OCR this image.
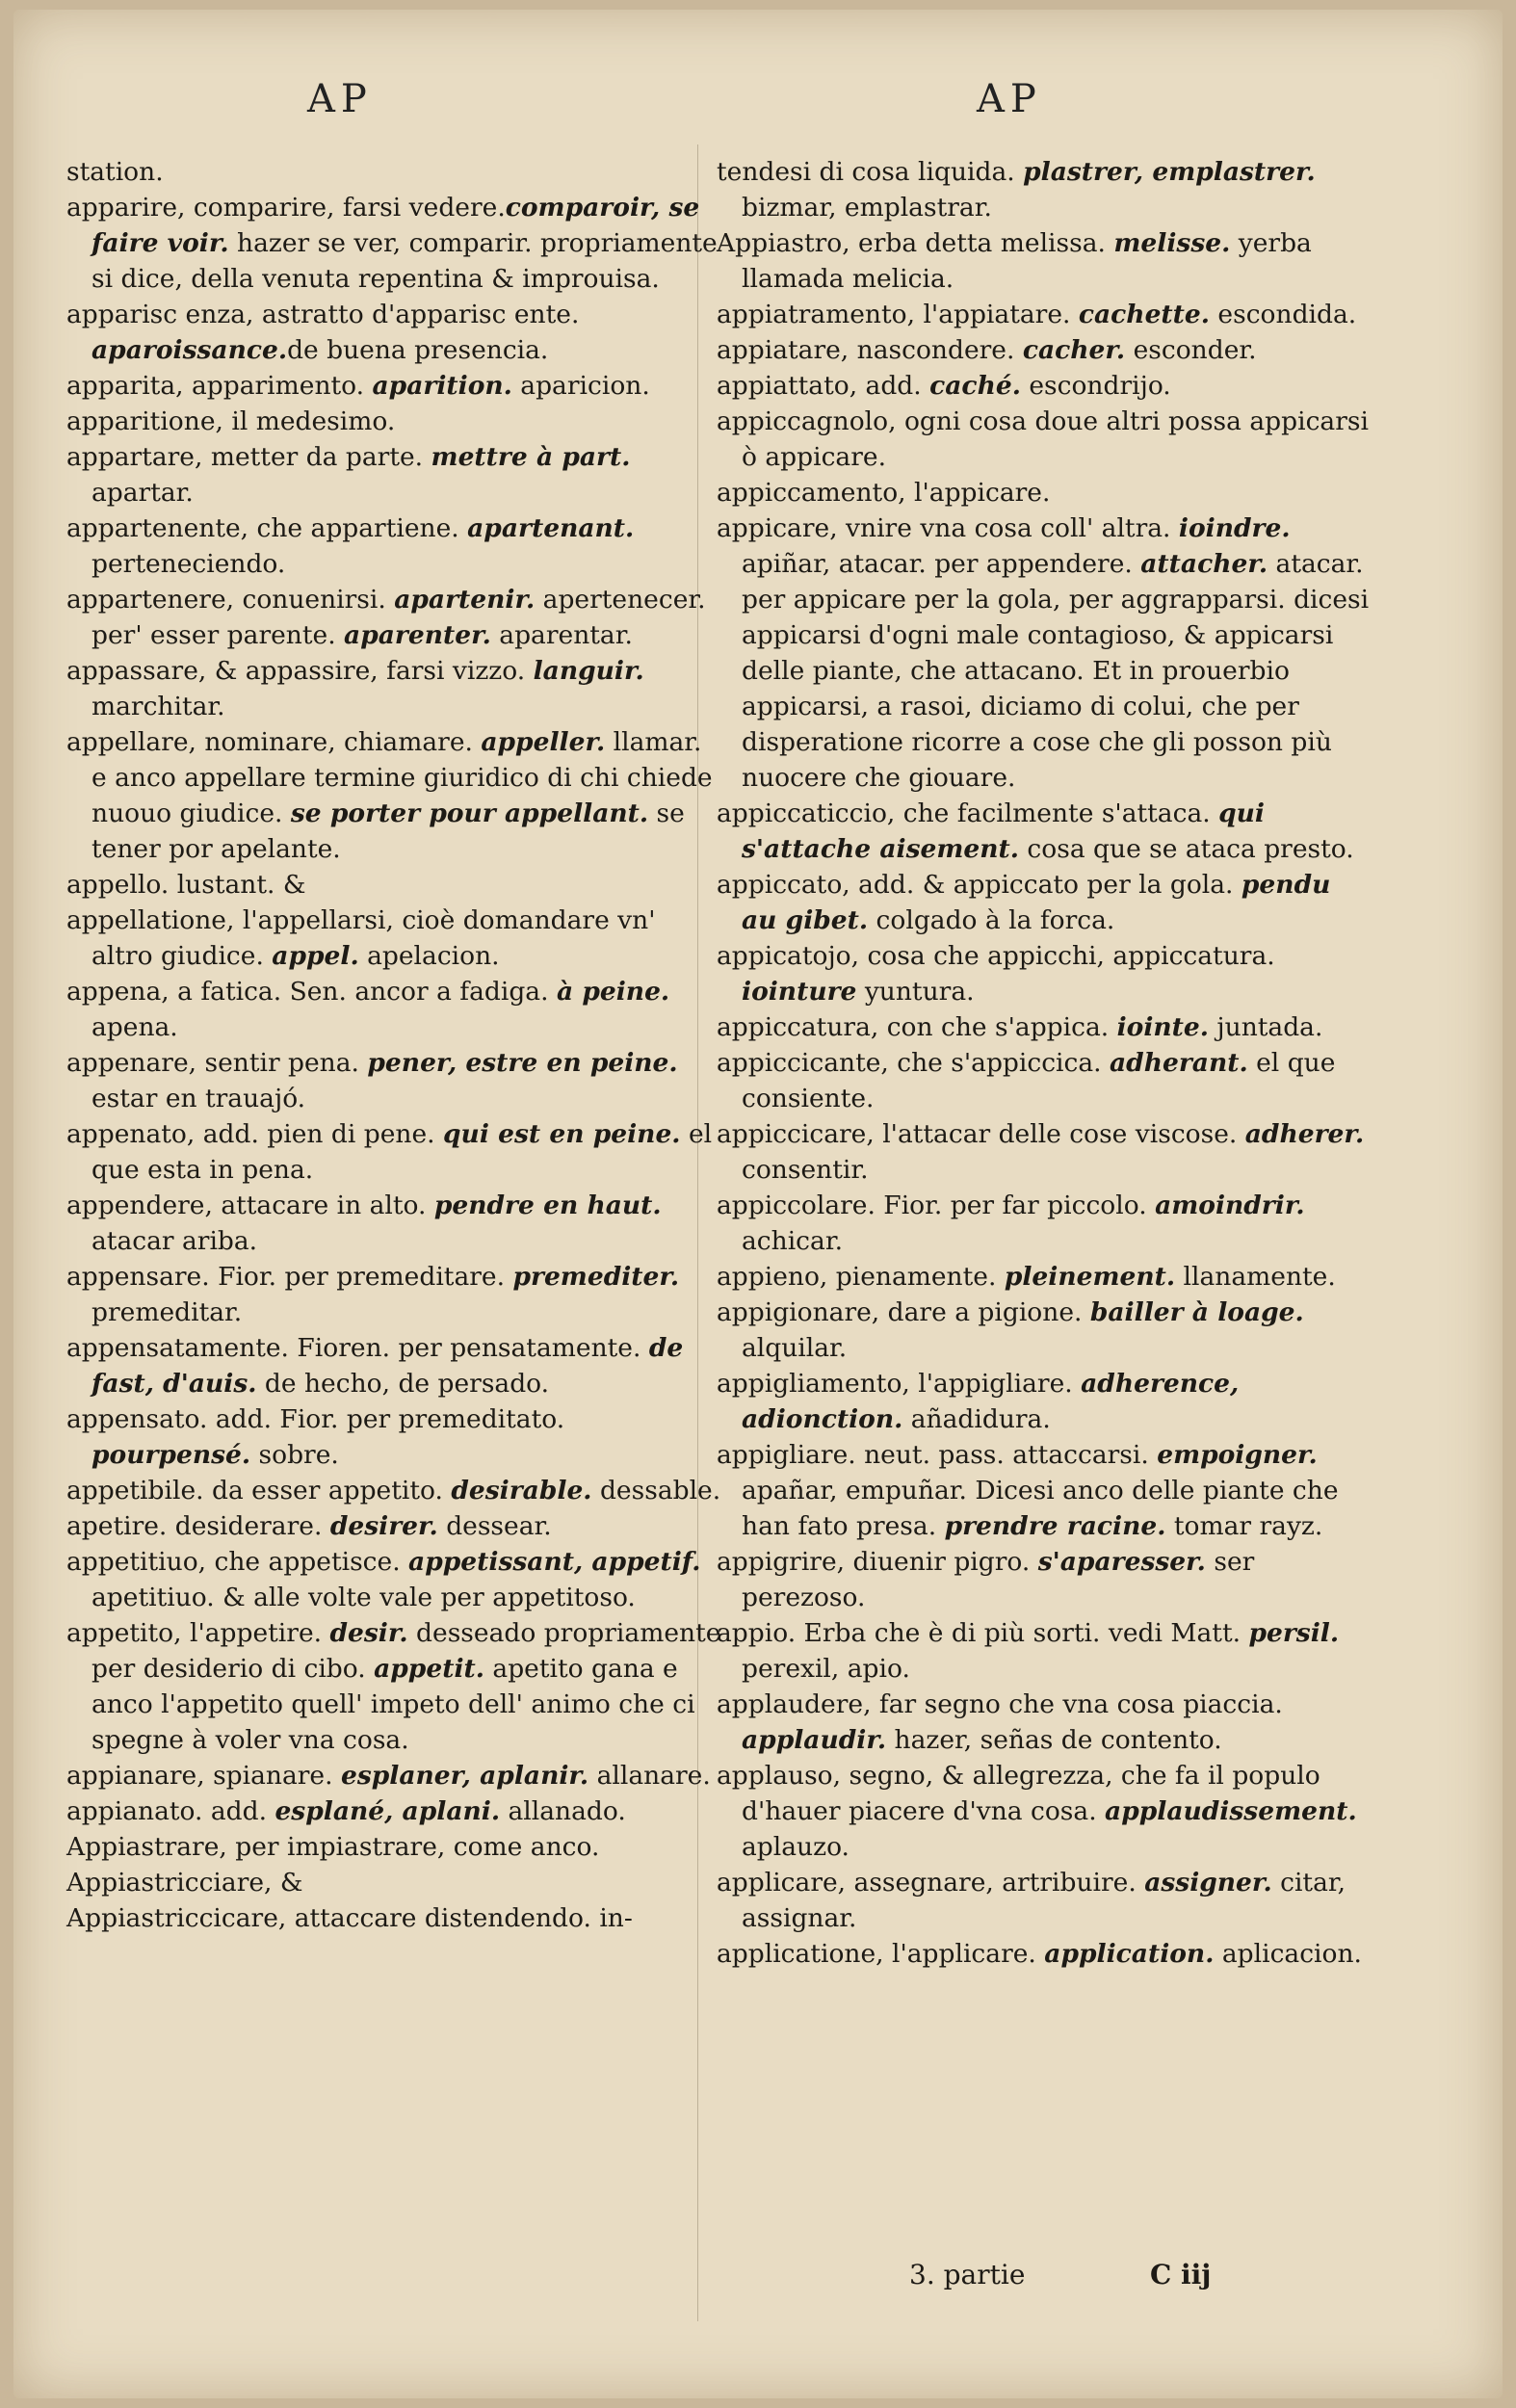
AP	AP

station.

apparire, comparire, farsi vedere.comparoir, se faire voir. hazer se ver, comparir. propriamente si dice, della venuta repentina & improuisa.

apparisc enza, astratto d'apparisc ente. aparoissance.de buena presencia.

apparita, apparimento. aparition. aparicion.

apparitione, il medesimo.

appartare, metter da parte. mettre à part. apartar.

appartenente, che appartiene. apartenant. perteneciendo.

appartenere, conuenirsi. apartenir. apertenecer. per' esser parente. aparenter. aparentar.

appassare, & appassire, farsi vizzo. languir. marchitar.

appellare, nominare, chiamare. appeller. llamar. e anco appellare termine giuridico di chi chiede nuouo giudice. se porter pour appellant. se tener por apelante.

appello. lustant. &

appellatione, l'appellarsi, cioè domandare vn' altro giudice. appel. apelacion.

appena, a fatica. Sen. ancor a fadiga. à peine. apena.

appenare, sentir pena. pener, estre en peine. estar en trauajó.

appenato, add. pien di pene. qui est en peine. el que esta in pena.

appendere, attacare in alto. pendre en haut. atacar ariba.

appensare. Fior. per premeditare. premediter. premeditar.

appensatamente. Fioren. per pensatamente. de fast, d'auis. de hecho, de persado.

appensato. add. Fior. per premeditato. pourpensé. sobre.

appetibile. da esser appetito. desirable. dessable.

apetire. desiderare. desirer. dessear.

appetitiuo, che appetisce. appetissant, appetif. apetitiuo. & alle volte vale per appetitoso.

appetito, l'appetire. desir. desseado propriamente per desiderio di cibo. appetit. apetito gana e anco l'appetito quell' impeto dell' animo che ci spegne à voler vna cosa.

appianare, spianare. esplaner, aplanir. allanare.

appianato. add. esplané, aplani. allanado.

Appiastrare, per impiastrare, come anco.

Appiastricciare, &

Appiastriccicare, attaccare distendendo. in-

tendesi di cosa liquida. plastrer, emplastrer. bizmar, emplastrar.

Appiastro, erba detta melissa. melisse. yerba llamada melicia.

appiatramento, l'appiatare. cachette. escondida.

appiatare, nascondere. cacher. esconder.

appiattato, add. caché. escondrijo.

appiccagnolo, ogni cosa doue altri possa appicarsi ò appicare.

appiccamento, l'appicare.

appicare, vnire vna cosa coll' altra. ioindre. apiñar, atacar. per appendere. attacher. atacar. per appicare per la gola, per aggrapparsi. dicesi appicarsi d'ogni male contagioso, & appicarsi delle piante, che attacano. Et in prouerbio appicarsi, a rasoi, diciamo di colui, che per disperatione ricorre a cose che gli posson più nuocere che giouare.

appiccaticcio, che facilmente s'attaca. qui s'attache aisement. cosa que se ataca presto.

appiccato, add. & appiccato per la gola. pendu au gibet. colgado à la forca.

appicatojo, cosa che appicchi, appiccatura. iointure yuntura.

appiccatura, con che s'appica. iointe. juntada.

appiccicante, che s'appiccica. adherant. el que consiente.

appiccicare, l'attacar delle cose viscose. adherer. consentir.

appiccolare. Fior. per far piccolo. amoindrir. achicar.

appieno, pienamente. pleinement. llanamente.

appigionare, dare a pigione. bailler à loage. alquilar.

appigliamento, l'appigliare. adherence, adionction. añadidura.

appigliare. neut. pass. attaccarsi. empoigner. apañar, empuñar. Dicesi anco delle piante che han fato presa. prendre racine. tomar rayz.

appigrire, diuenir pigro. s'aparesser. ser perezoso.

appio. Erba che è di più sorti. vedi Matt. persil. perexil, apio.

applaudere, far segno che vna cosa piaccia. applaudir. hazer, señas de contento.

applauso, segno, & allegrezza, che fa il populo d'hauer piacere d'vna cosa. applaudissement. aplauzo.

applicare, assegnare, artribuire. assigner. citar, assignar.

applicatione, l'applicare. application. aplicacion.

3. partie	C iij
